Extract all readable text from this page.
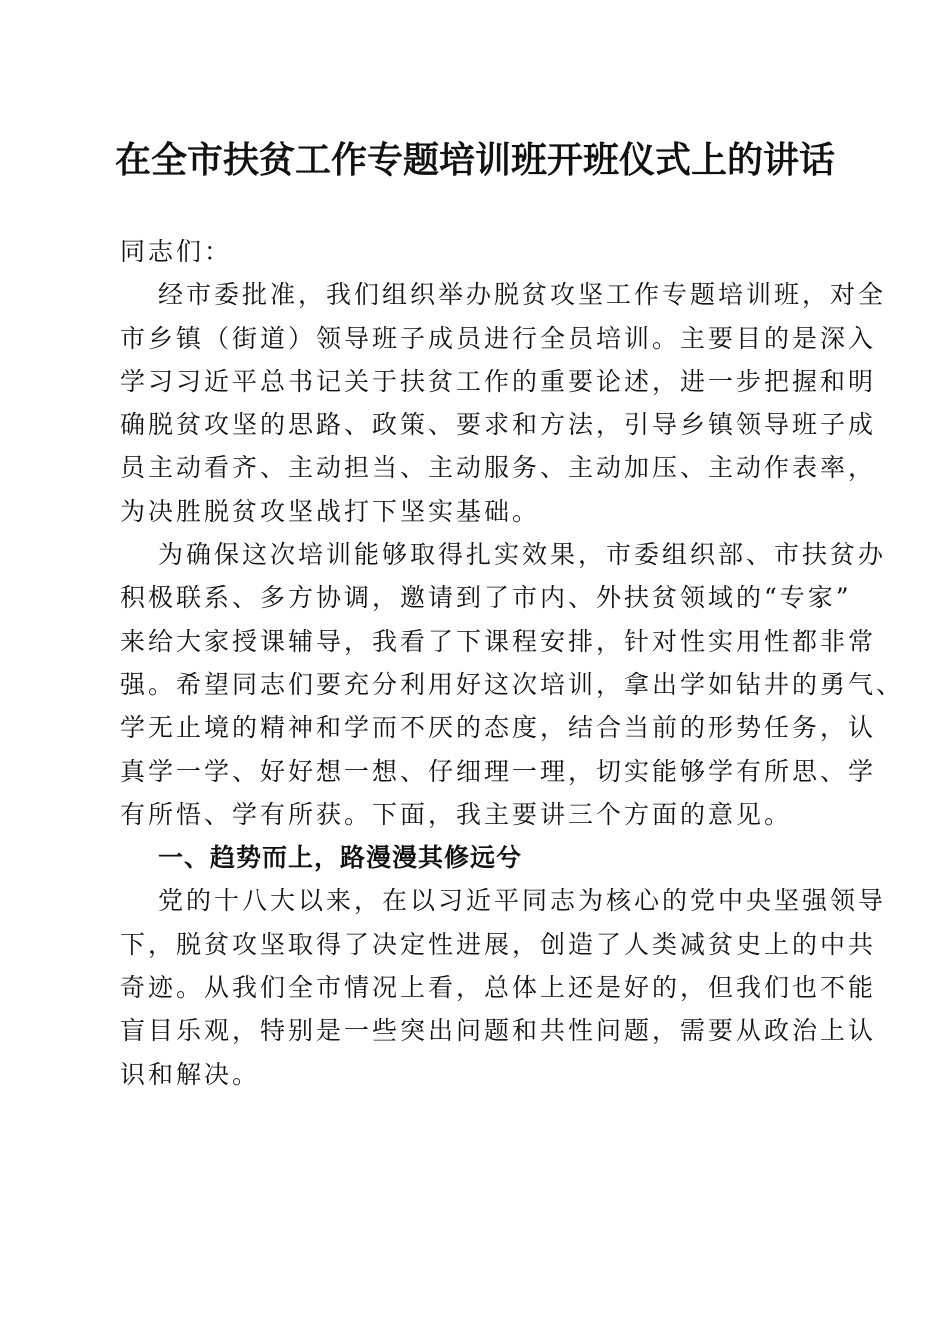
在全市扶贫工作专题培训班开班仪式上的讲话
同志们：
经市委批准，我们组织举办脱贫攻坚工作专题培训班，对全
市乡镇（街道）领导班子成员进行全员培训。主要目的是深入
学习习近平总书记关于扶贫工作的重要论述，进一步把握和明
确脱贫攻坚的思路、政策、要求和方法，引导乡镇领导班子成
员主动看齐、主动担当、主动服务、主动加压、主动作表率，
为决胜脱贫攻坚战打下坚实基础。
为确保这次培训能够取得扎实效果，市委组织部、市扶贫办
积极联系、多方协调，邀请到了市内、外扶贫领域的“专家”
来给大家授课辅导，我看了下课程安排，针对性实用性都非常
强。希望同志们要充分利用好这次培训，拿出学如钻井的勇气、
学无止境的精神和学而不厌的态度，结合当前的形势任务，认
真学一学、好好想一想、仔细理一理，切实能够学有所思、学
有所悟、学有所获。下面，我主要讲三个方面的意见。
一、趋势而上，路漫漫其修远兮
党的十八大以来，在以习近平同志为核心的党中央坚强领导
下，脱贫攻坚取得了决定性进展，创造了人类减贫史上的中共
奇迹。从我们全市情况上看，总体上还是好的，但我们也不能
盲目乐观，特别是一些突出问题和共性问题，需要从政治上认
识和解决。
